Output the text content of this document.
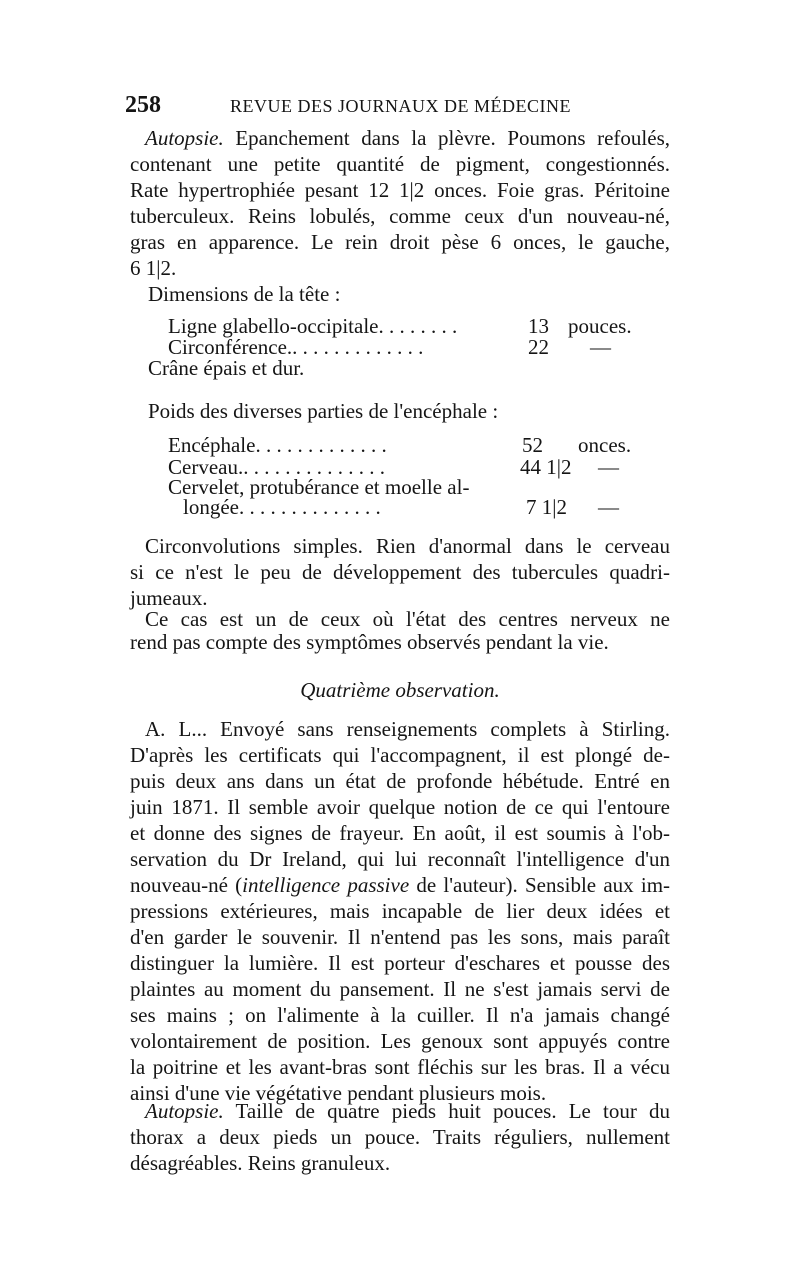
258	REVUE DES JOURNAUX DE MÉDECINE
Autopsie. Epanchement dans la plèvre. Poumons refoulés,
contenant une petite quantité de pigment, congestionnés.
Rate hypertrophiée pesant 12 1|2 onces. Foie gras. Péritoine
tuberculeux. Reins lobulés, comme ceux d'un nouveau-né,
gras en apparence. Le rein droit pèse 6 onces, le gauche,
6 1|2.
Dimensions de la tête :
Ligne glabello-occipitale. . . . . . . .	13 pouces.
Circonférence.. . . . . . . . . . . . .	22 —
Crâne épais et dur.
Poids des diverses parties de l'encéphale :
Encéphale. . . . . . . . . . . . .	52 onces.
Cerveau.. . . . . . . . . . . . . .	44 1|2 —
Cervelet, protubérance et moelle al-
longée. . . . . . . . . . . . . .	7 1|2 —
Circonvolutions simples. Rien d'anormal dans le cerveau
si ce n'est le peu de développement des tubercules quadri-
jumeaux.
Ce cas est un de ceux où l'état des centres nerveux ne
rend pas compte des symptômes observés pendant la vie.
Quatrième observation.
A. L... Envoyé sans renseignements complets à Stirling.
D'après les certificats qui l'accompagnent, il est plongé de-
puis deux ans dans un état de profonde hébétude. Entré en
juin 1871. Il semble avoir quelque notion de ce qui l'entoure
et donne des signes de frayeur. En août, il est soumis à l'ob-
servation du Dr Ireland, qui lui reconnaît l'intelligence d'un
nouveau-né (intelligence passive de l'auteur). Sensible aux im-
pressions extérieures, mais incapable de lier deux idées et
d'en garder le souvenir. Il n'entend pas les sons, mais paraît
distinguer la lumière. Il est porteur d'eschares et pousse des
plaintes au moment du pansement. Il ne s'est jamais servi de
ses mains ; on l'alimente à la cuiller. Il n'a jamais changé
volontairement de position. Les genoux sont appuyés contre
la poitrine et les avant-bras sont fléchis sur les bras. Il a vécu
ainsi d'une vie végétative pendant plusieurs mois.
Autopsie. Taille de quatre pieds huit pouces. Le tour du
thorax a deux pieds un pouce. Traits réguliers, nullement
désagréables. Reins granuleux.
